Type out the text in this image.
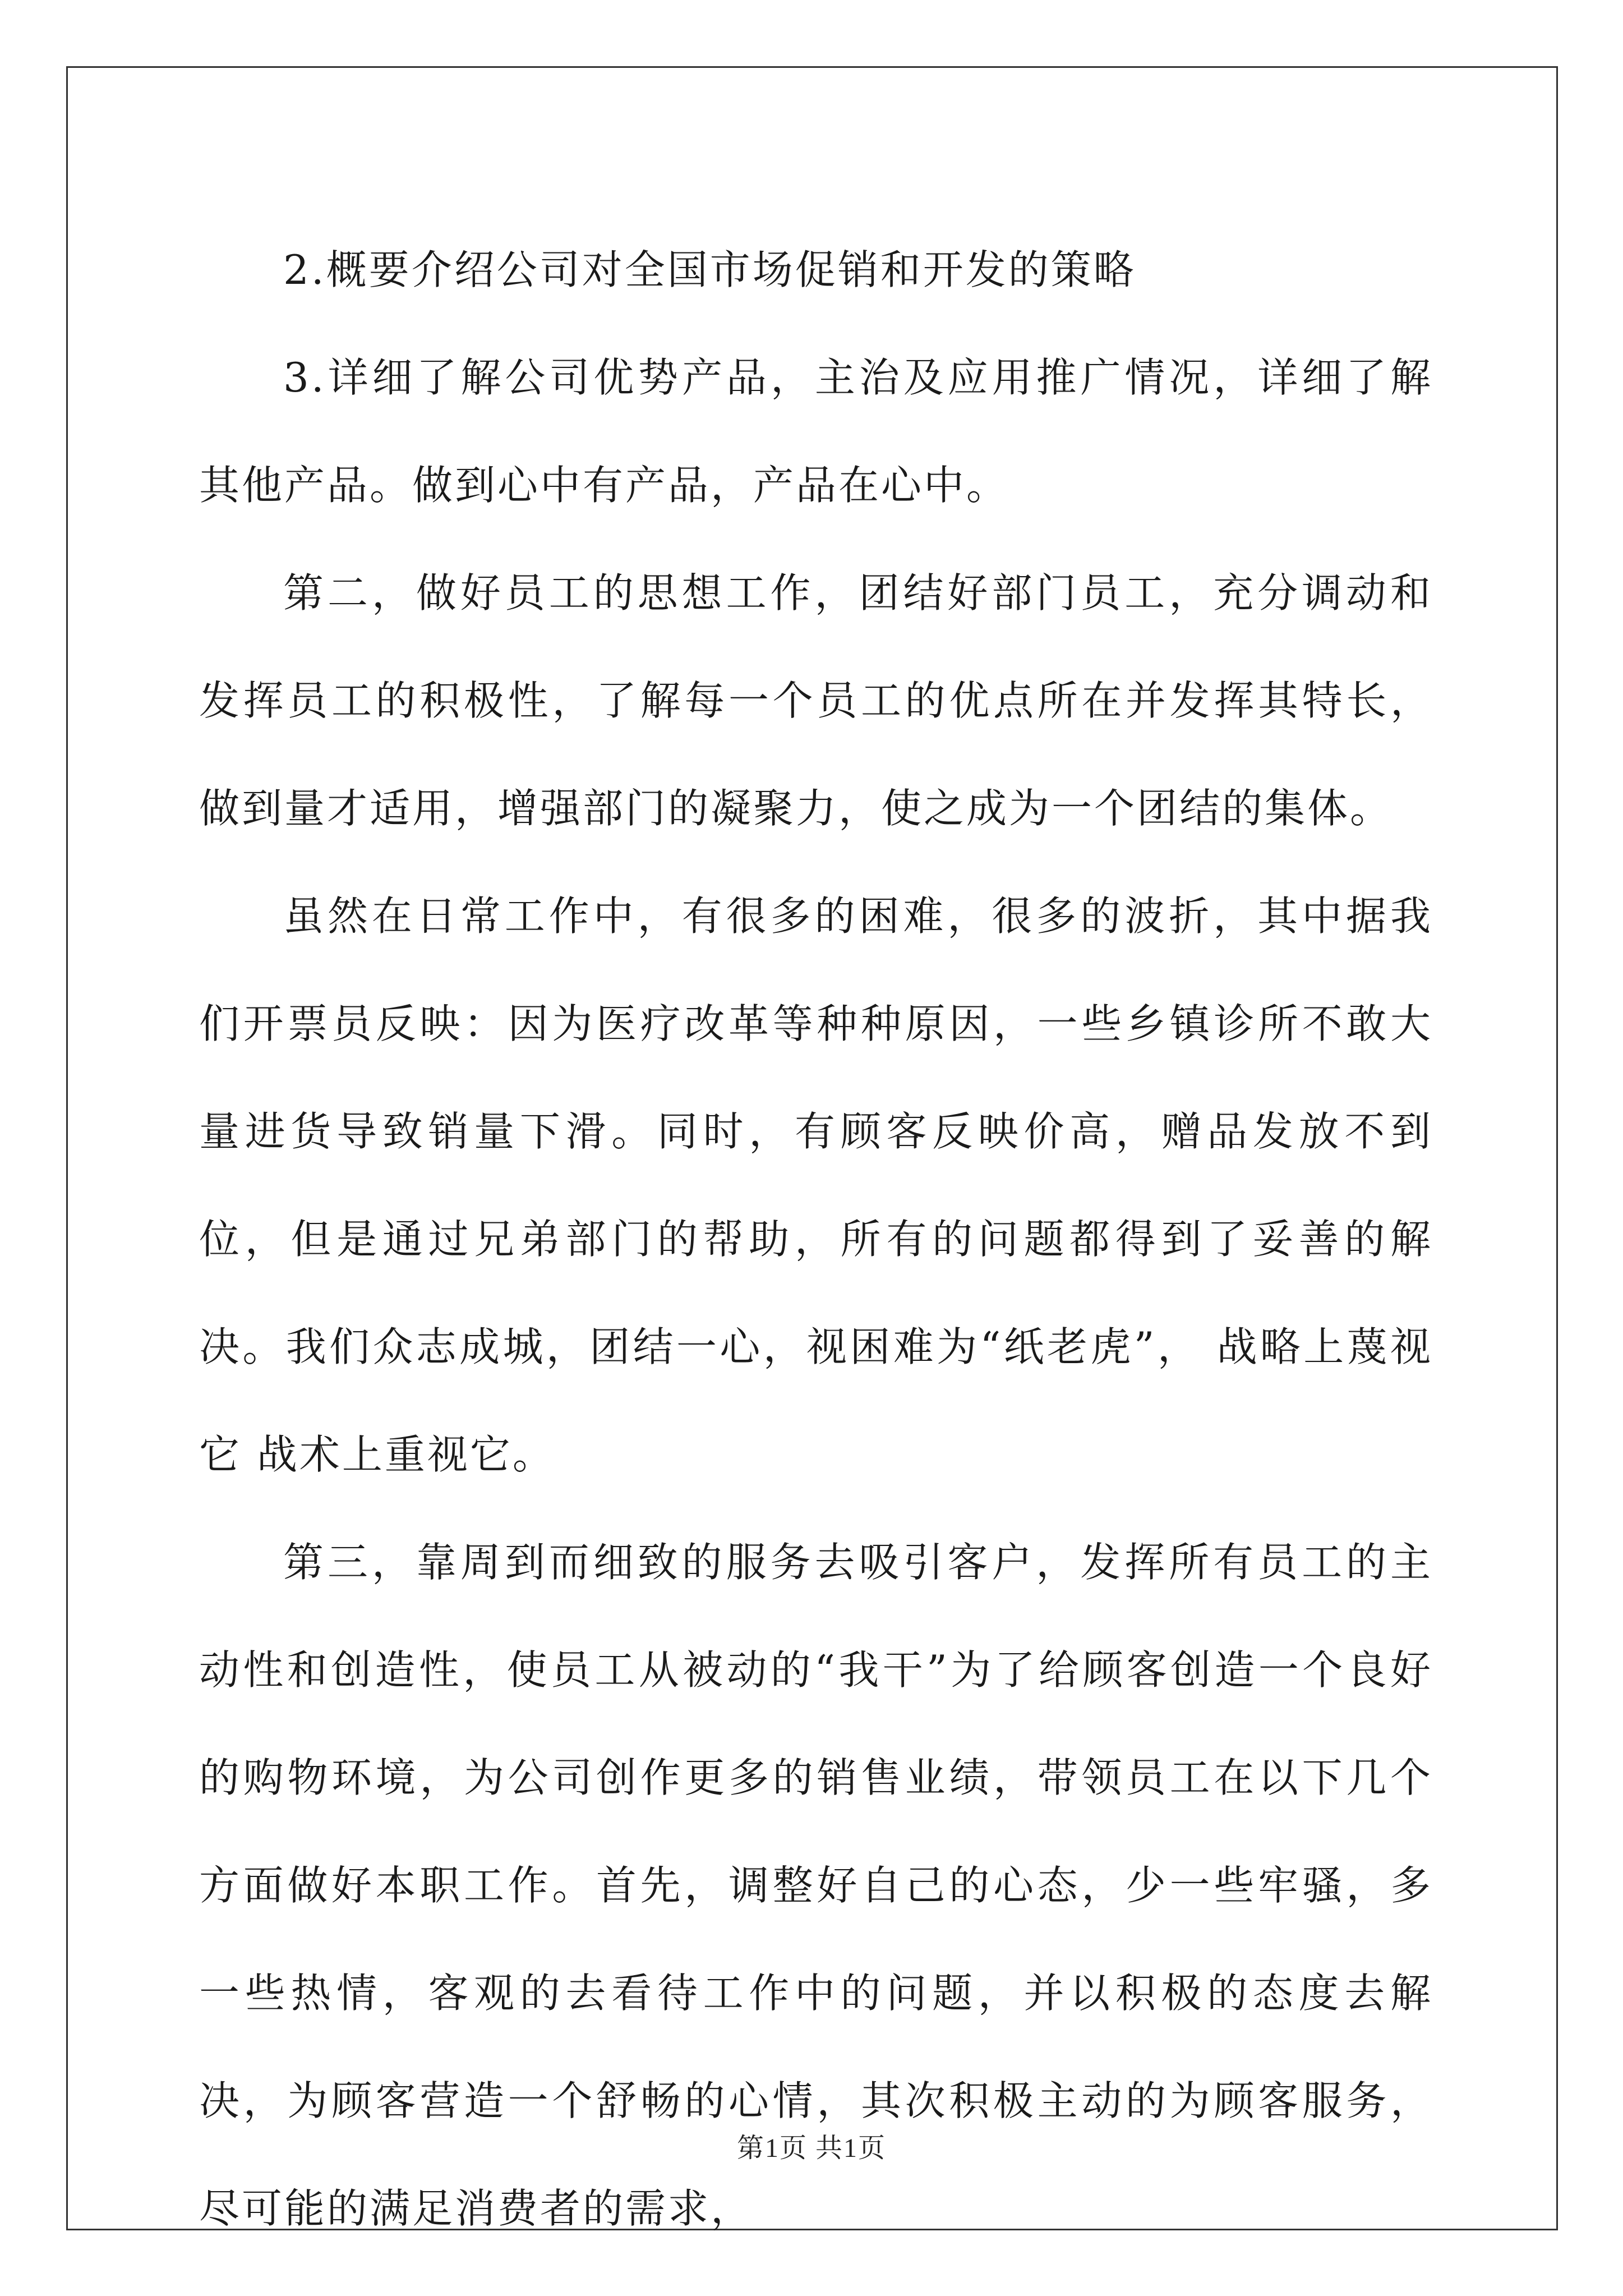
2.概要介绍公司对全国市场促销和开发的策略

3.详细了解公司优势产品，主治及应用推广情况，详细了解其他产品。做到心中有产品，产品在心中。

第二，做好员工的思想工作，团结好部门员工，充分调动和发挥员工的积极性，了解每一个员工的优点所在并发挥其特长，做到量才适用，增强部门的凝聚力，使之成为一个团结的集体。

虽然在日常工作中，有很多的困难，很多的波折，其中据我们开票员反映：因为医疗改革等种种原因，一些乡镇诊所不敢大量进货导致销量下滑。同时，有顾客反映价高，赠品发放不到位，但是通过兄弟部门的帮助，所有的问题都得到了妥善的解决。我们众志成城，团结一心，视困难为“纸老虎”， 战略上蔑视它 战术上重视它。

第三，靠周到而细致的服务去吸引客户，发挥所有员工的主动性和创造性，使员工从被动的“我干”为了给顾客创造一个良好的购物环境，为公司创作更多的销售业绩，带领员工在以下几个方面做好本职工作。首先，调整好自己的心态，少一些牢骚，多一些热情，客观的去看待工作中的问题，并以积极的态度去解决，为顾客营造一个舒畅的心情，其次积极主动的为顾客服务，尽可能的满足消费者的需求，

第1页 共1页
